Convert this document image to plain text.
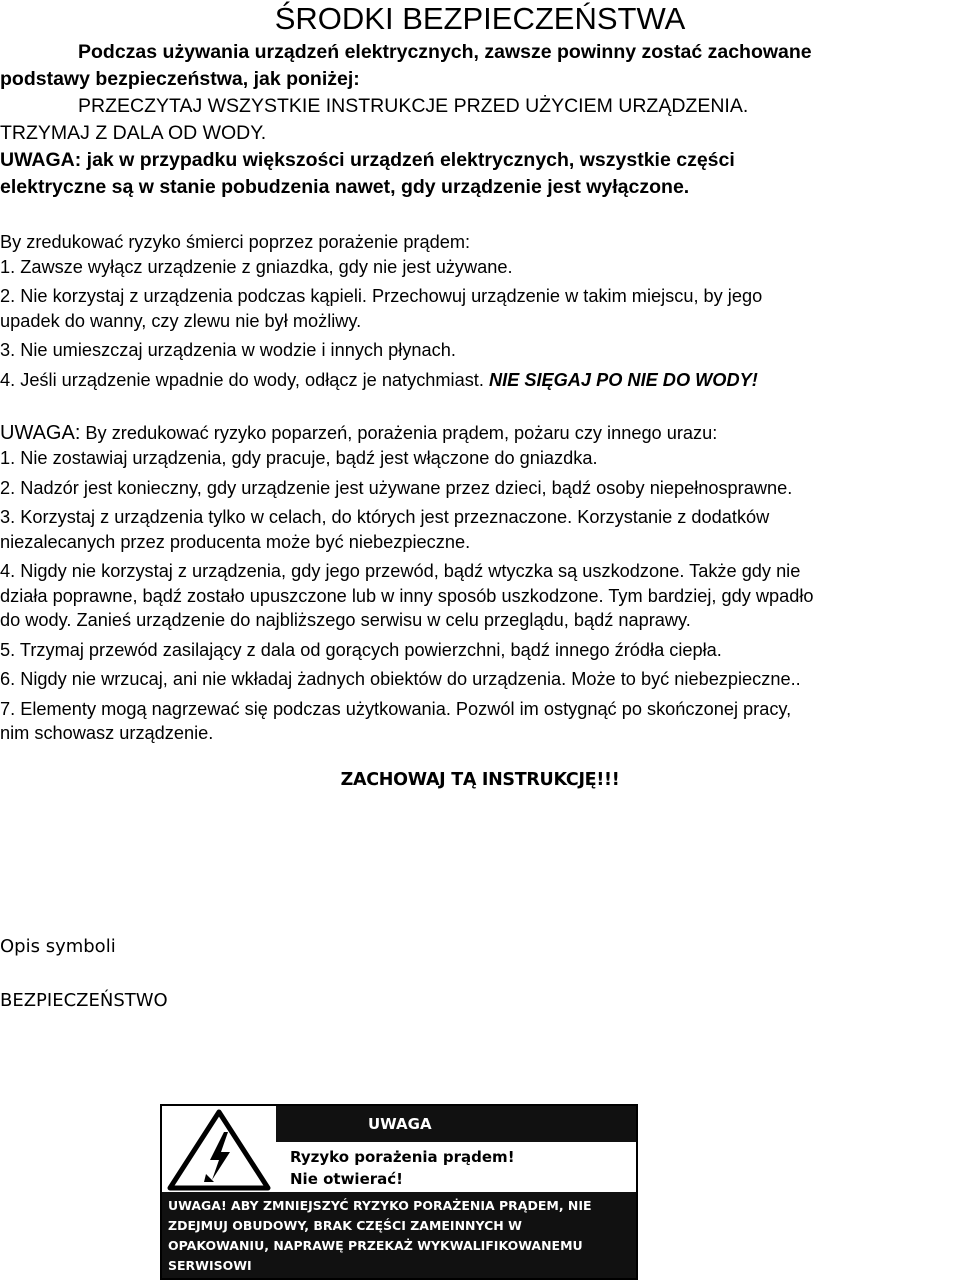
ŚRODKI BEZPIECZEŃSTWA
Podczas używania urządzeń elektrycznych, zawsze powinny zostać zachowane
podstawy bezpieczeństwa, jak poniżej:
PRZECZYTAJ WSZYSTKIE INSTRUKCJE PRZED UŻYCIEM URZĄDZENIA.
TRZYMAJ Z DALA OD WODY.
UWAGA: jak w przypadku większości urządzeń elektrycznych, wszystkie części
elektryczne są w stanie pobudzenia nawet, gdy urządzenie jest wyłączone.
By zredukować ryzyko śmierci poprzez porażenie prądem:
1. Zawsze wyłącz urządzenie z gniazdka, gdy nie jest używane.
2. Nie korzystaj z urządzenia podczas kąpieli. Przechowuj urządzenie w takim miejscu, by jego
upadek do wanny, czy zlewu nie był możliwy.
3. Nie umieszczaj urządzenia w wodzie i innych płynach.
4. Jeśli urządzenie wpadnie do wody, odłącz je natychmiast. NIE SIĘGAJ PO NIE DO WODY!
UWAGA: By zredukować ryzyko poparzeń, porażenia prądem, pożaru czy innego urazu:
1. Nie zostawiaj urządzenia, gdy pracuje, bądź jest włączone do gniazdka.
2. Nadzór jest konieczny, gdy urządzenie jest używane przez dzieci, bądź osoby niepełnosprawne.
3. Korzystaj z urządzenia tylko w celach, do których jest przeznaczone. Korzystanie z dodatków
niezalecanych przez producenta może być niebezpieczne.
4. Nigdy nie korzystaj z urządzenia, gdy jego przewód, bądź wtyczka są uszkodzone. Także gdy nie
działa poprawne, bądź zostało upuszczone lub w inny sposób uszkodzone. Tym bardziej, gdy wpadło
do wody. Zanieś urządzenie do najbliższego serwisu w celu przeglądu, bądź naprawy.
5. Trzymaj przewód zasilający z dala od gorących powierzchni, bądź innego źródła ciepła.
6. Nigdy nie wrzucaj, ani nie wkładaj żadnych obiektów do urządzenia. Może to być niebezpieczne..
7. Elementy mogą nagrzewać się podczas użytkowania. Pozwól im ostygnąć po skończonej pracy,
nim schowasz urządzenie.
ZACHOWAJ TĄ INSTRUKCJĘ!!!
Opis symboli
BEZPIECZEŃSTWO
UWAGA
Ryzyko porażenia prądem!
Nie otwierać!
UWAGA! ABY ZMNIEJSZYĆ RYZYKO PORAŻENIA PRĄDEM, NIE
ZDEJMUJ OBUDOWY, BRAK CZĘŚCI ZAMEINNYCH W
OPAKOWANIU, NAPRAWĘ PRZEKAŻ WYKWALIFIKOWANEMU
SERWISOWI
